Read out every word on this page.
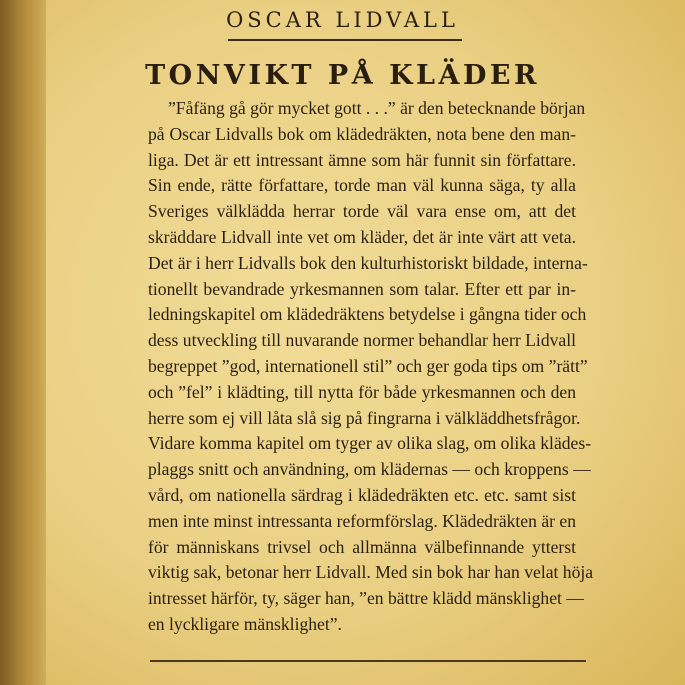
OSCAR LIDVALL
TONVIKT PÅ KLÄDER
”Fåfäng gå gör mycket gott . . .” är den betecknande början
på Oscar Lidvalls bok om klädedräkten, nota bene den man-
liga. Det är ett intressant ämne som här funnit sin författare.
Sin ende, rätte författare, torde man väl kunna säga, ty alla
Sveriges välklädda herrar torde väl vara ense om, att det
skräddare Lidvall inte vet om kläder, det är inte värt att veta.
Det är i herr Lidvalls bok den kulturhistoriskt bildade, interna-
tionellt bevandrade yrkesmannen som talar. Efter ett par in-
ledningskapitel om klädedräktens betydelse i gångna tider och
dess utveckling till nuvarande normer behandlar herr Lidvall
begreppet ”god, internationell stil” och ger goda tips om ”rätt”
och ”fel” i klädting, till nytta för både yrkesmannen och den
herre som ej vill låta slå sig på fingrarna i välkläddhetsfrågor.
Vidare komma kapitel om tyger av olika slag, om olika klädes-
plaggs snitt och användning, om klädernas — och kroppens —
vård, om nationella särdrag i klädedräkten etc. etc. samt sist
men inte minst intressanta reformförslag. Klädedräkten är en
för människans trivsel och allmänna välbefinnande ytterst
viktig sak, betonar herr Lidvall. Med sin bok har han velat höja
intresset härför, ty, säger han, ”en bättre klädd mänsklighet —
en lyckligare mänsklighet”.
